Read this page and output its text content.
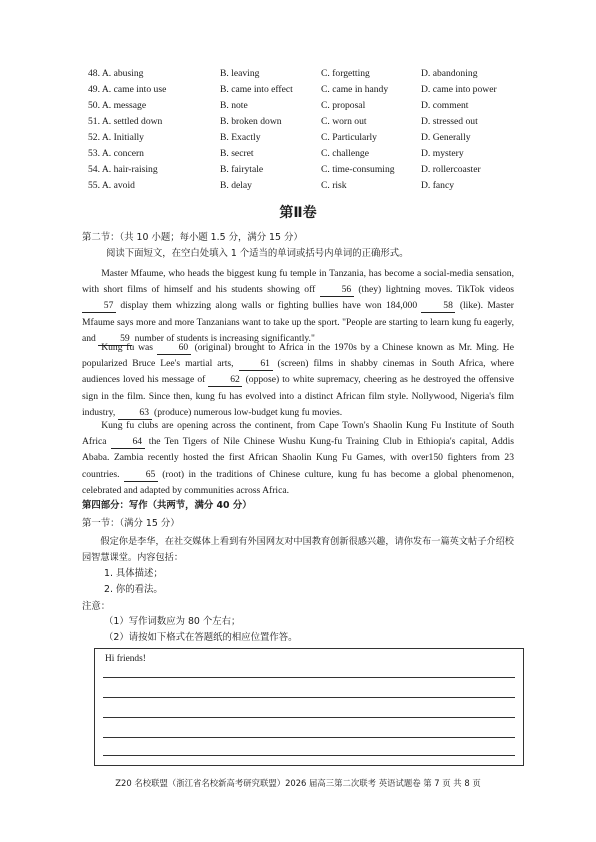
48. A. abusing	B. leaving	C. forgetting	D. abandoning
49. A. came into use	B. came into effect	C. came in handy	D. came into power
50. A. message	B. note	C. proposal	D. comment
51. A. settled down	B. broken down	C. worn out	D. stressed out
52. A. Initially	B. Exactly	C. Particularly	D. Generally
53. A. concern	B. secret	C. challenge	D. mystery
54. A. hair-raising	B. fairytale	C. time-consuming	D. rollercoaster
55. A. avoid	B. delay	C. risk	D. fancy
第Ⅱ卷
第二节：（共 10 小题；每小题 1.5 分，满分 15 分）
阅读下面短文，在空白处填入 1 个适当的单词或括号内单词的正确形式。
Master Mfaume, who heads the biggest kung fu temple in Tanzania, has become a social-media sensation, with short films of himself and his students showing off 56 (they) lightning moves. TikTok videos 57 display them whizzing along walls or fighting bullies have won 184,000 58 (like). Master Mfaume says more and more Tanzanians want to take up the sport. "People are starting to learn kung fu eagerly, and 59 number of students is increasing significantly."
Kung fu was 60 (original) brought to Africa in the 1970s by a Chinese known as Mr. Ming. He popularized Bruce Lee's martial arts, 61 (screen) films in shabby cinemas in South Africa, where audiences loved his message of 62 (oppose) to white supremacy, cheering as he destroyed the offensive sign in the film. Since then, kung fu has evolved into a distinct African film style. Nollywood, Nigeria's film industry, 63 (produce) numerous low-budget kung fu movies.
Kung fu clubs are opening across the continent, from Cape Town's Shaolin Kung Fu Institute of South Africa 64 the Ten Tigers of Nile Chinese Wushu Kung-fu Training Club in Ethiopia's capital, Addis Ababa. Zambia recently hosted the first African Shaolin Kung Fu Games, with over150 fighters from 23 countries. 65 (root) in the traditions of Chinese culture, kung fu has become a global phenomenon, celebrated and adapted by communities across Africa.
第四部分：写作（共两节，满分 40 分）
第一节：（满分 15 分）
假定你是李华，在社交媒体上看到有外国网友对中国教育创新很感兴趣，请你发布一篇英文帖子介绍校园智慧课堂。内容包括：
1. 具体描述；
2. 你的看法。
注意：
（1）写作词数应为 80 个左右；
（2）请按如下格式在答题纸的相应位置作答。
Hi friends!
Z20 名校联盟（浙江省名校新高考研究联盟）2026 届高三第二次联考 英语试题卷 第 7 页 共 8 页
